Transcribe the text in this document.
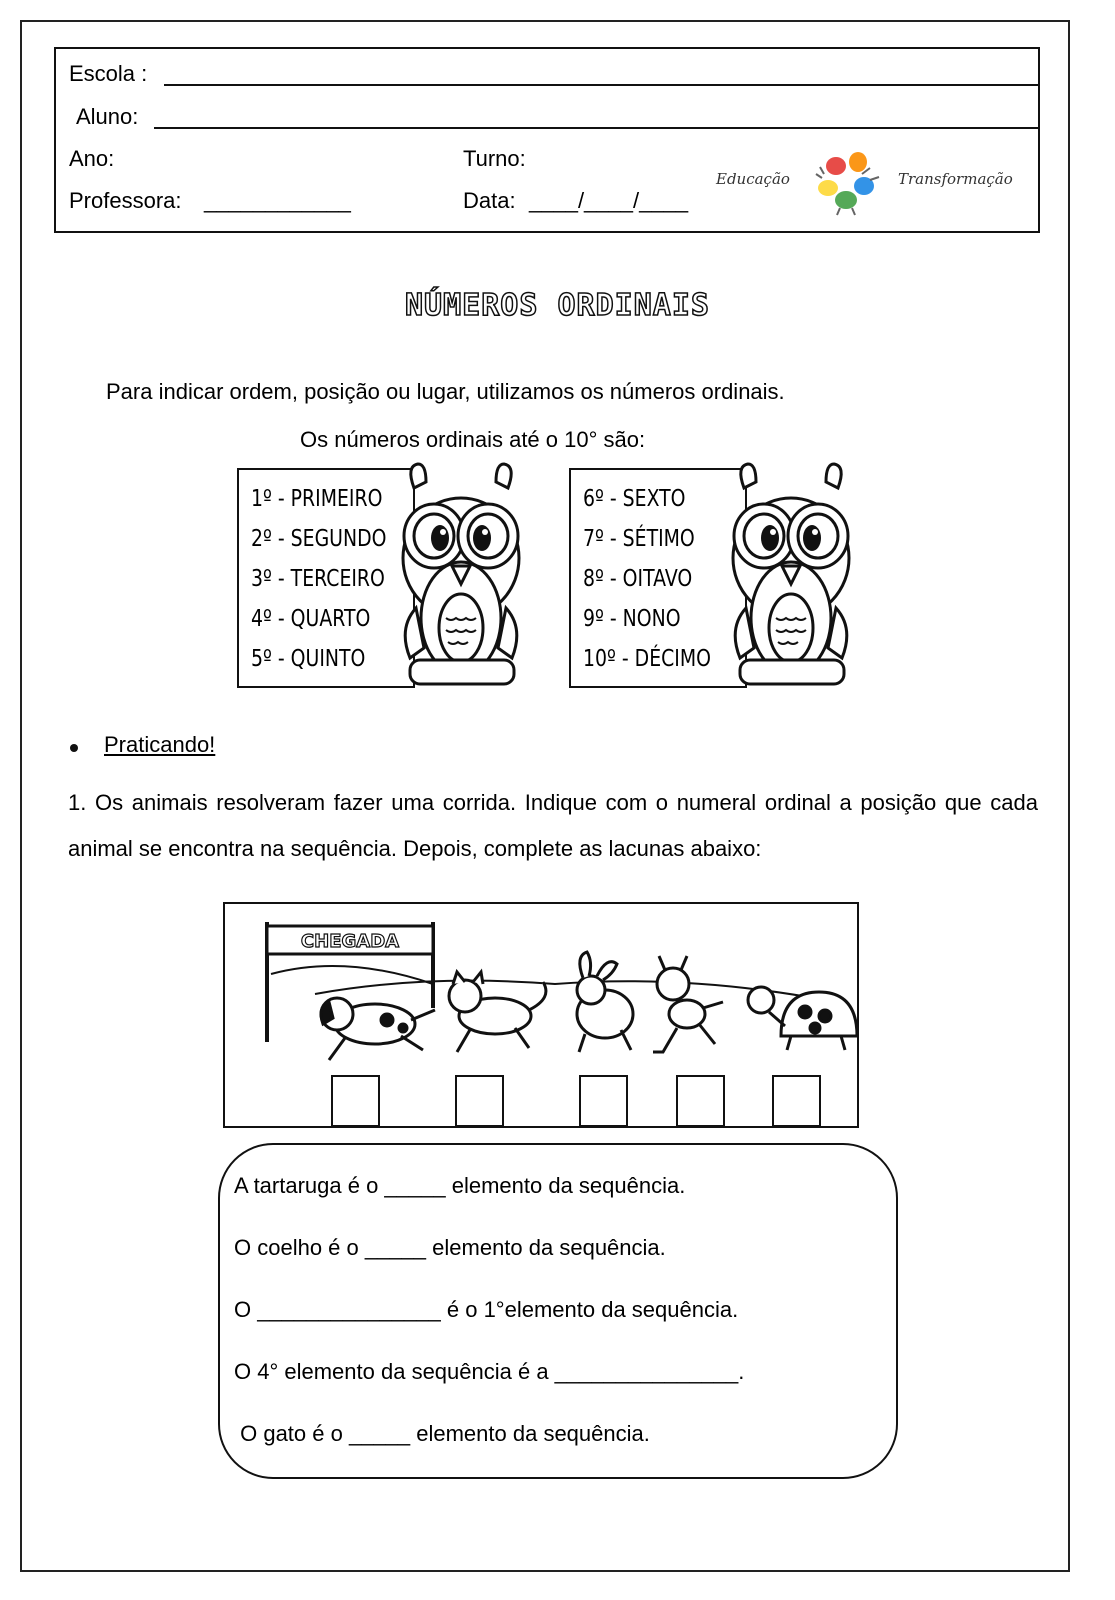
Escola :
Aluno:
Ano:	Turno:
Professora: ____________	Data: ____/____/____
Educação	e	Transformação
NÚMEROS ORDINAIS
Para indicar ordem, posição ou lugar, utilizamos os números ordinais.
Os números ordinais até o 10° são:
1º - PRIMEIRO
2º - SEGUNDO
3º - TERCEIRO
4º - QUARTO
5º - QUINTO
6º - SEXTO
7º - SÉTIMO
8º - OITAVO
9º - NONO
10º - DÉCIMO
Praticando!
1. Os animais resolveram fazer uma corrida. Indique com o numeral ordinal a posição que cada animal se encontra na sequência. Depois, complete as lacunas abaixo:
CHEGADA
A tartaruga é o _____ elemento da sequência.
O coelho é o _____ elemento da sequência.
O _______________ é o 1°elemento da sequência.
O 4° elemento da sequência é a _______________.
O gato é o _____ elemento da sequência.
